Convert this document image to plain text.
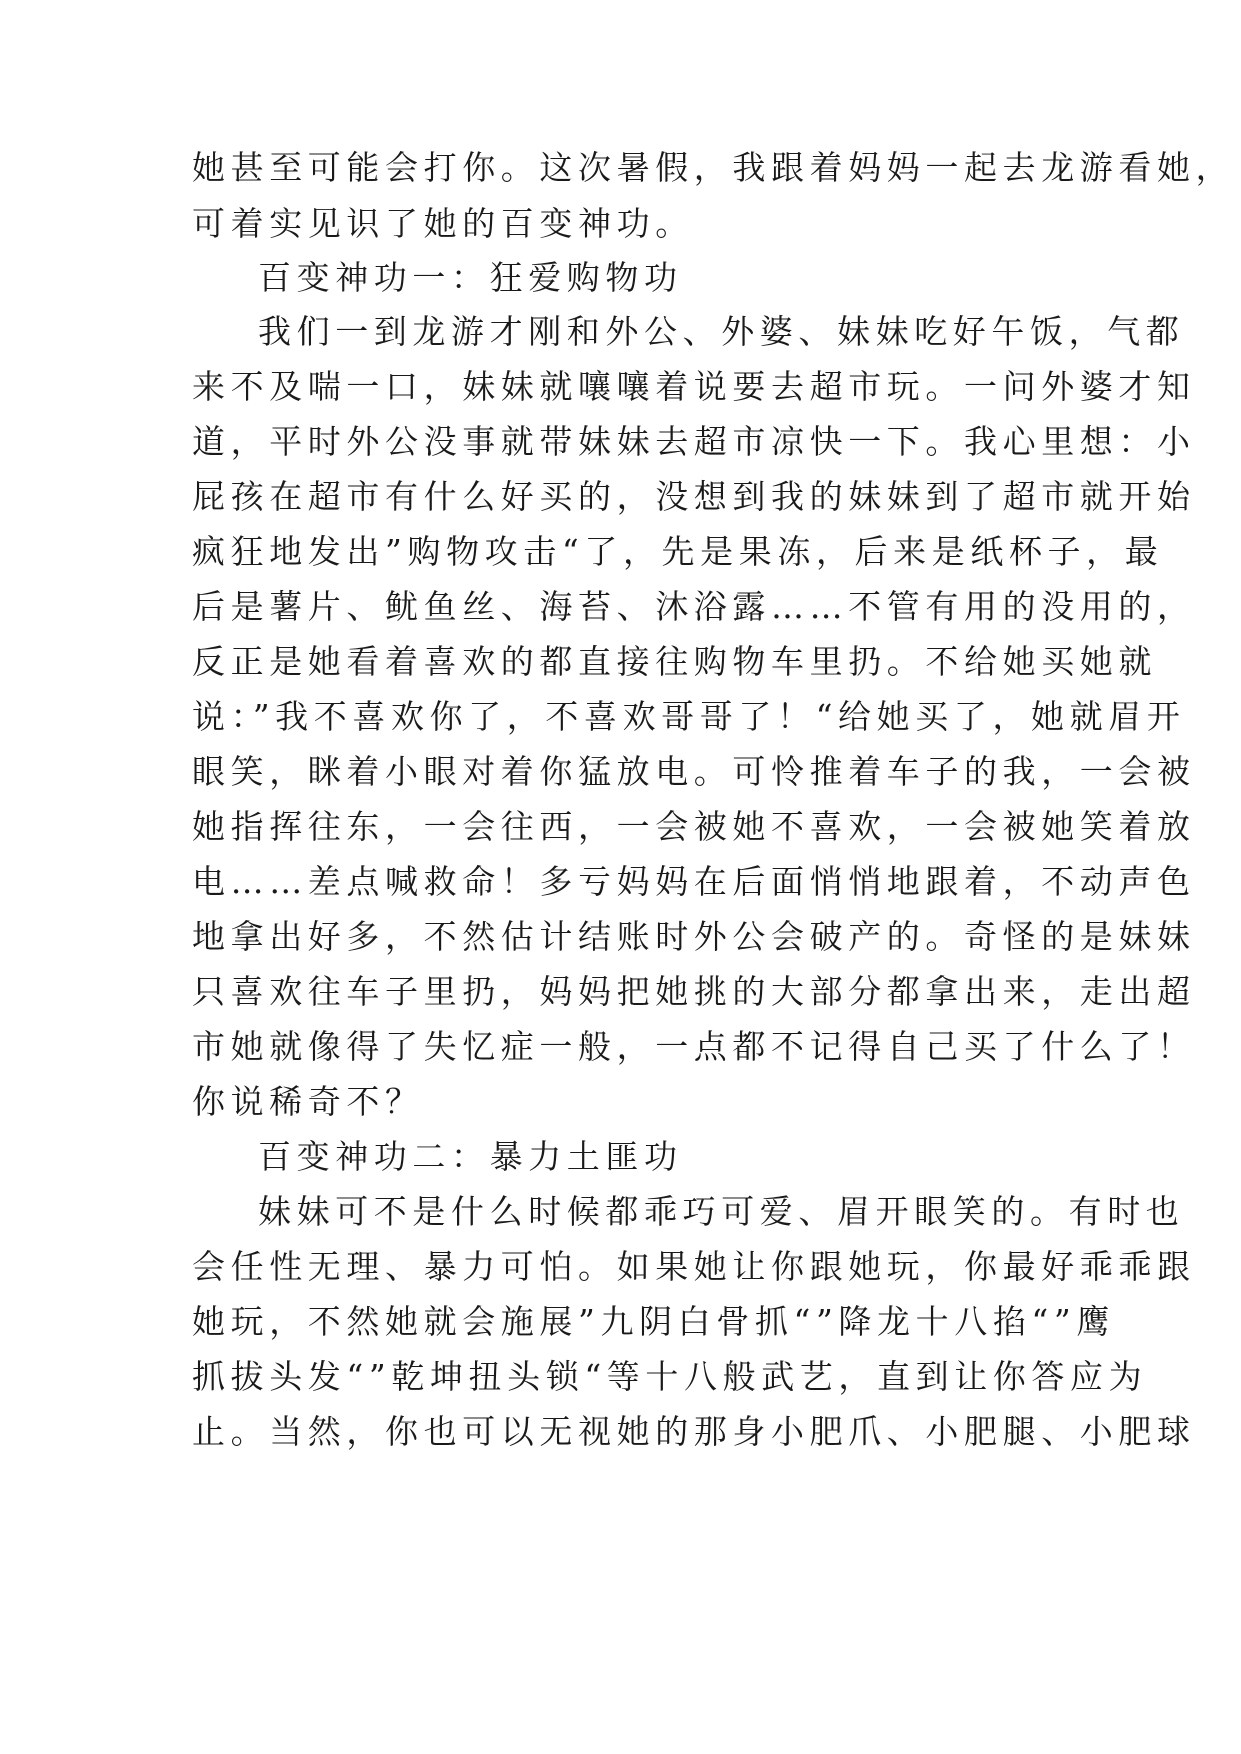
她甚至可能会打你。这次暑假，我跟着妈妈一起去龙游看她，
可着实见识了她的百变神功。
百变神功一：狂爱购物功
我们一到龙游才刚和外公、外婆、妹妹吃好午饭，气都
来不及喘一口，妹妹就嚷嚷着说要去超市玩。一问外婆才知
道，平时外公没事就带妹妹去超市凉快一下。我心里想：小
屁孩在超市有什么好买的，没想到我的妹妹到了超市就开始
疯狂地发出”购物攻击“了，先是果冻，后来是纸杯子，最
后是薯片、鱿鱼丝、海苔、沐浴露……不管有用的没用的，
反正是她看着喜欢的都直接往购物车里扔。不给她买她就
说：”我不喜欢你了，不喜欢哥哥了！“给她买了，她就眉开
眼笑，眯着小眼对着你猛放电。可怜推着车子的我，一会被
她指挥往东，一会往西，一会被她不喜欢，一会被她笑着放
电……差点喊救命！多亏妈妈在后面悄悄地跟着，不动声色
地拿出好多，不然估计结账时外公会破产的。奇怪的是妹妹
只喜欢往车子里扔，妈妈把她挑的大部分都拿出来，走出超
市她就像得了失忆症一般，一点都不记得自己买了什么了！
你说稀奇不？
百变神功二：暴力土匪功
妹妹可不是什么时候都乖巧可爱、眉开眼笑的。有时也
会任性无理、暴力可怕。如果她让你跟她玩，你最好乖乖跟
她玩，不然她就会施展”九阴白骨抓“”降龙十八掐“”鹰
抓拔头发“”乾坤扭头锁“等十八般武艺，直到让你答应为
止。当然，你也可以无视她的那身小肥爪、小肥腿、小肥球
